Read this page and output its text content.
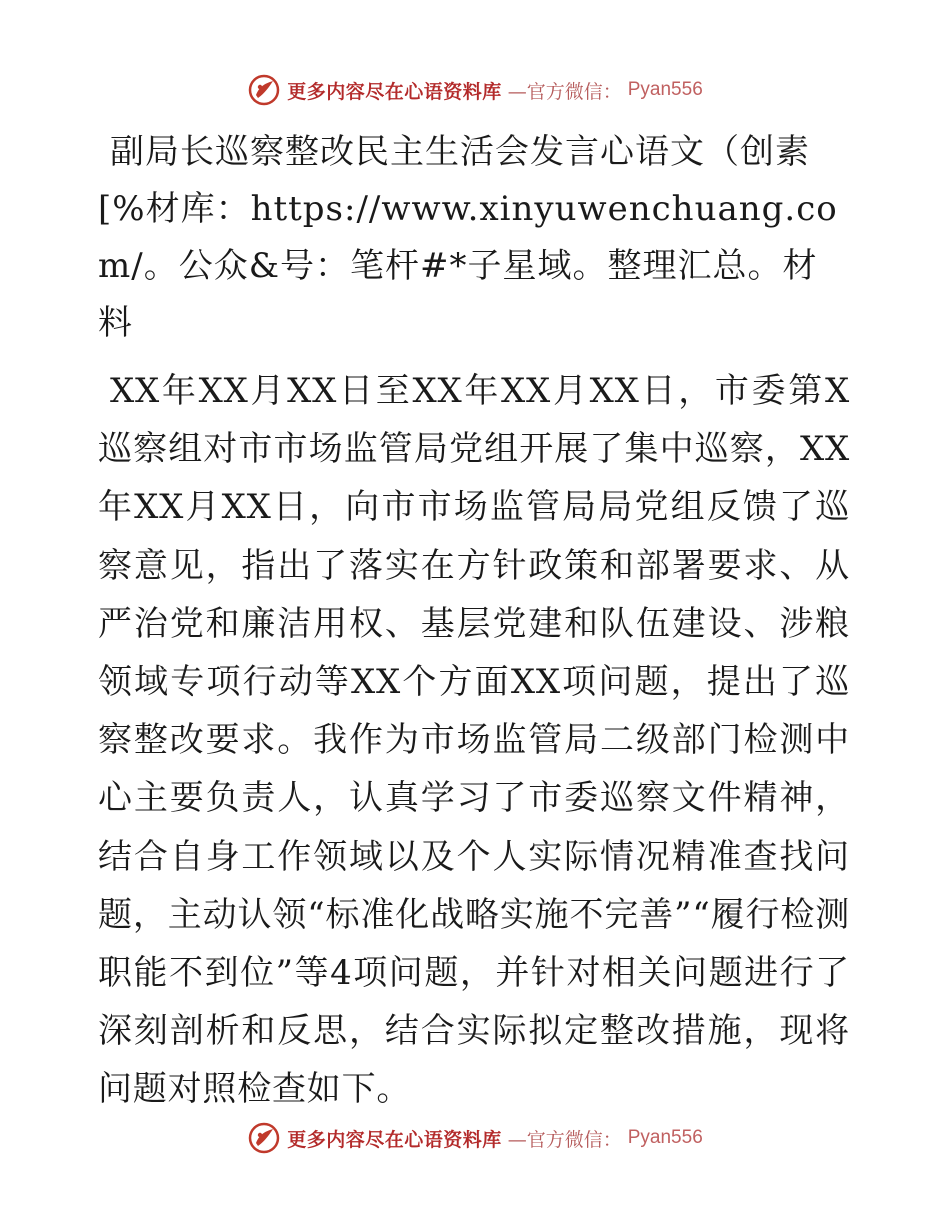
更多内容尽在心语资料库 —官方微信： Pyan556
副局长巡察整改民主生活会发言心语文（创素[%材库：https://www.xinyuwenchuang.com/。公众&号：笔杆#*子星域。整理汇总。材料

XX年XX月XX日至XX年XX月XX日，市委第X巡察组对市市场监管局党组开展了集中巡察，XX年XX月XX日，向市市场监管局局党组反馈了巡察意见，指出了落实在方针政策和部署要求、从严治党和廉洁用权、基层党建和队伍建设、涉粮领域专项行动等XX个方面XX项问题，提出了巡察整改要求。我作为市场监管局二级部门检测中心主要负责人，认真学习了市委巡察文件精神，结合自身工作领域以及个人实际情况精准查找问题，主动认领“标准化战略实施不完善”“履行检测职能不到位”等4项问题，并针对相关问题进行了深刻剖析和反思，结合实际拟定整改措施，现将问题对照检查如下。

更多内容尽在心语资料库 —官方微信： Pyan556
